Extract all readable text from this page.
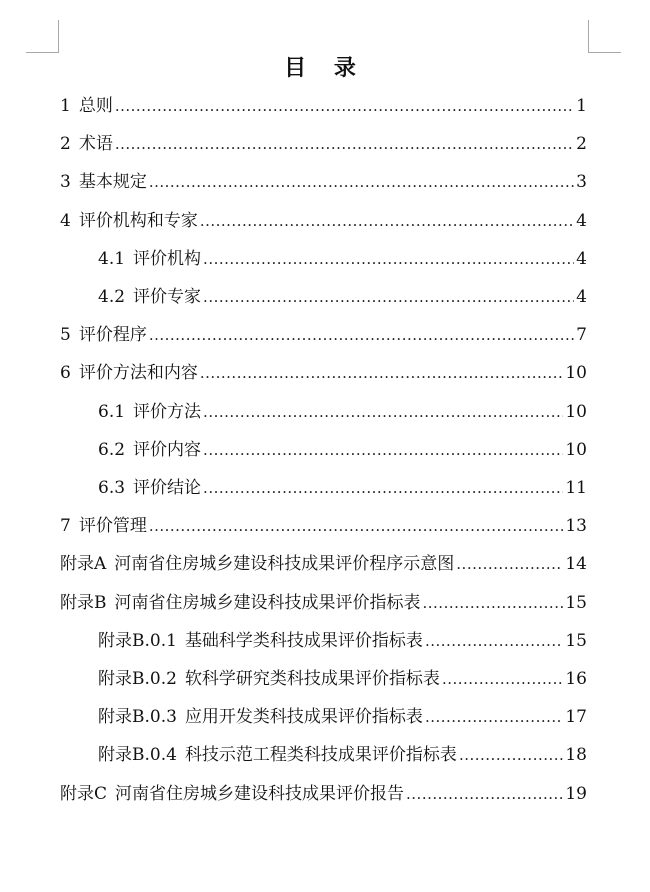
目 录
1 总则 .....	1
2 术语 .....	2
3 基本规定 .....	3
4 评价机构和专家 .....	4
4.1 评价机构 .....	4
4.2 评价专家 .....	4
5 评价程序 .....	7
6 评价方法和内容 .....	10
6.1 评价方法 .....	10
6.2 评价内容 .....	10
6.3 评价结论 .....	11
7 评价管理 .....	13
附录A 河南省住房城乡建设科技成果评价程序示意图 .....	14
附录B 河南省住房城乡建设科技成果评价指标表 .....	15
附录B.0.1 基础科学类科技成果评价指标表 .....	15
附录B.0.2 软科学研究类科技成果评价指标表 .....	16
附录B.0.3 应用开发类科技成果评价指标表 .....	17
附录B.0.4 科技示范工程类科技成果评价指标表 .....	18
附录C 河南省住房城乡建设科技成果评价报告 .....	19
